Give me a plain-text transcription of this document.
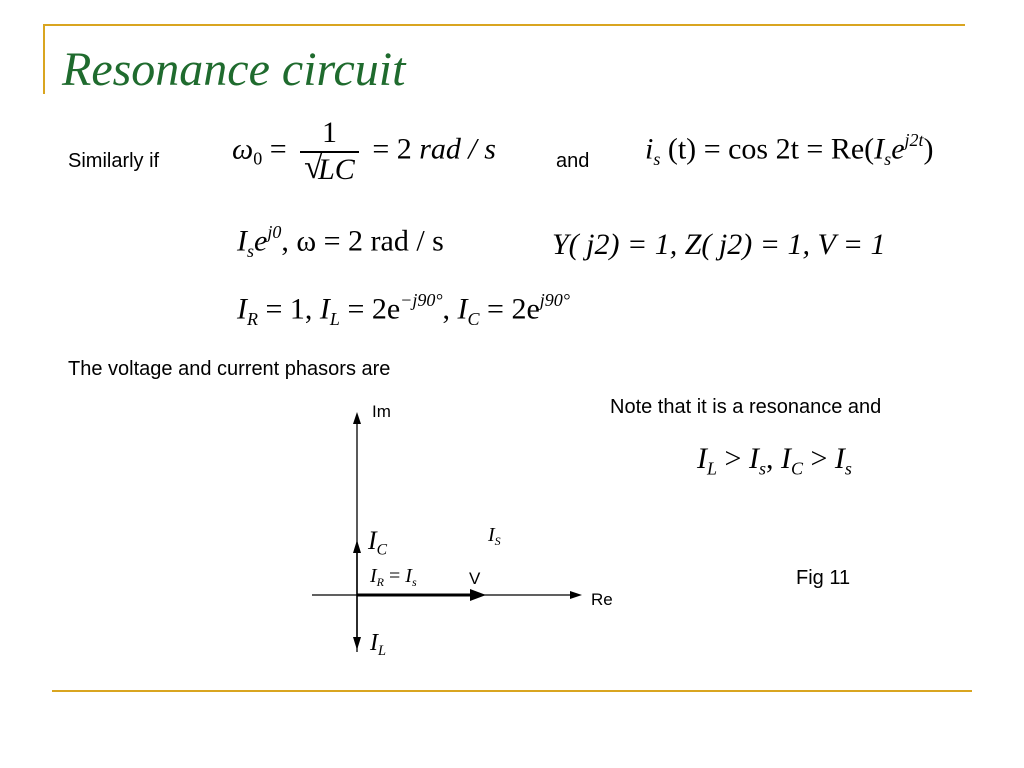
Resonance circuit
Similarly if $\omega_0 = 1$
√
LC = 2 rad / s	and $i_s$ $(t) = \cos 2t = Re(I_se^{j2t})$
$I_se^{j0}$, ω = 2 rad / s	Y( j2) = 1, Z( j2) = 1, V = 1
$I_R = 1$, $I_L = 2e^{-j90^\circ}$, $I_C = 2e^{j90^\circ}$
The voltage and current phasors are
Note that it is a resonance and
$I_L > I_s$, $I_C > I_s$
Fig 11
Im
Re
V
$I_C$
$I_S$
$I_R = I_s$
$I_L$
